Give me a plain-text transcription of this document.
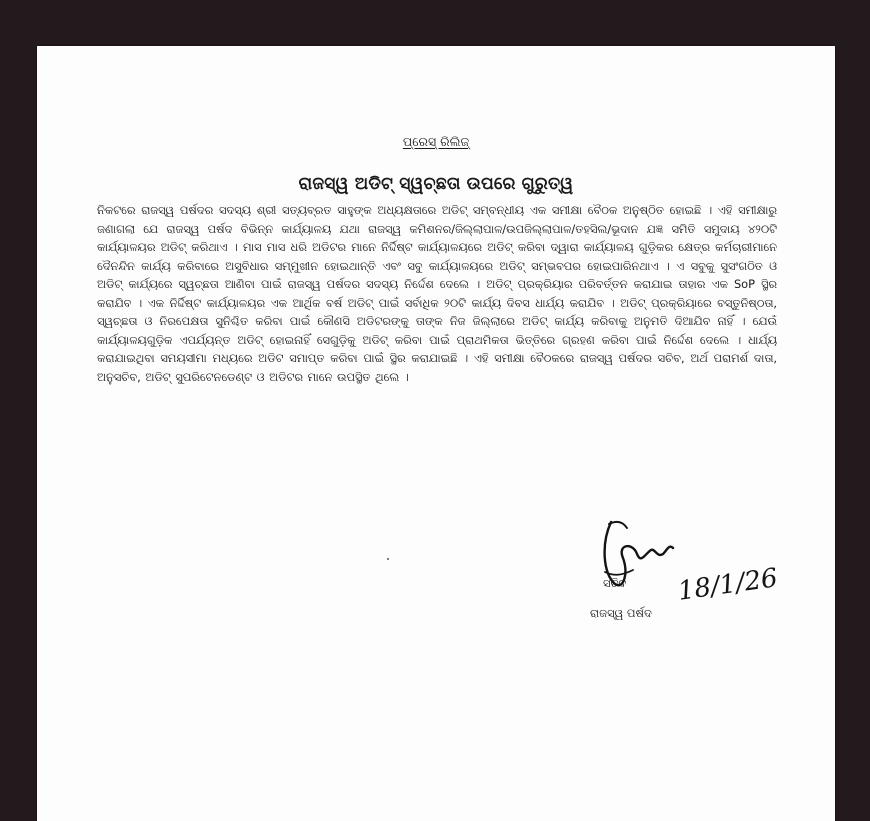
ପ୍ରେସ୍ ରିଲିଜ୍
ରାଜସ୍ୱ ଅଡିଟ୍ ସ୍ୱଚ୍ଛତା ଉପରେ ଗୁରୁତ୍ୱ

ନିକଟରେ ରାଜସ୍ୱ ପର୍ଷଦର ସଦସ୍ୟ ଶ୍ରୀ ସତ୍ୟବ୍ରତ ସାହୁଙ୍କ ଅଧ୍ୟକ୍ଷତାରେ ଅଡିଟ୍ ସମ୍ବନ୍ଧୀୟ ଏକ ସମୀକ୍ଷା ବୈଠକ ଅନୁଷ୍ଠିତ ହୋଇଛି । ଏହି ସମୀକ୍ଷାରୁ ଜଣାଗଲା ଯେ ରାଜସ୍ୱ ପର୍ଷଦ ବିଭିନ୍ନ କାର୍ଯ୍ୟାଳୟ ଯଥା ରାଜସ୍ୱ କମିଶନର/ଜିଲ୍ଲାପାଳ/ଉପଜିଲ୍ଲାପାଳ/ତହସିଲ/ଭୂଦାନ ଯଜ୍ଞ ସମିତି ସମୁଦାୟ ୪୨୦ଟି କାର୍ଯ୍ୟାଳୟର ଅଡିଟ୍ କରିଥାଏ । ମାସ ମାସ ଧରି ଅଡିଟର ମାନେ ନିର୍ଦ୍ଦିଷ୍ଟ କାର୍ଯ୍ୟାଳୟରେ ଅଡିଟ୍ କରିବା ଦ୍ୱାରା କାର୍ଯ୍ୟାଳୟ ଗୁଡ଼ିକର କ୍ଷେତ୍ର କର୍ମଚାରୀମାନେ ଦୈନନ୍ଦିନ କାର୍ଯ୍ୟ କରିବାରେ ଅସୁବିଧାର ସମ୍ମୁଖୀନ ହୋଇଥାନ୍ତି ଏବଂ ସବୁ କାର୍ଯ୍ୟାଳୟରେ ଅଡିଟ୍ ସମ୍ଭବପର ହୋଇପାରିନଥାଏ । ଏ ସବୁକୁ ସୁସଂଗଠିତ ଓ ଅଡିଟ୍ କାର୍ଯ୍ୟରେ ସ୍ୱଚ୍ଛତା ଆଣିବା ପାଇଁ ରାଜସ୍ୱ ପର୍ଷଦର ସଦସ୍ୟ ନିର୍ଦ୍ଦେଶ ଦେଲେ । ଅଡିଟ୍ ପ୍ରକ୍ରିୟାର ପରିବର୍ତ୍ତନ କରାଯାଇ ତାହାର ଏକ SoP ସ୍ଥିର କରାଯିବ । ଏକ ନିର୍ଦ୍ଦିଷ୍ଟ କାର୍ଯ୍ୟାଳୟର ଏକ ଆର୍ଥିକ ବର୍ଷ ଅଡିଟ୍ ପାଇଁ ସର୍ବାଧିକ ୨୦ଟି କାର୍ଯ୍ୟ ଦିବସ ଧାର୍ଯ୍ୟ କରାଯିବ । ଅଡିଟ୍ ପ୍ରକ୍ରିୟାରେ ବସ୍ତୁନିଷ୍ଠତା, ସ୍ୱଚ୍ଛତା ଓ ନିରପେକ୍ଷତା ସୁନିଶ୍ଚିତ କରିବା ପାଇଁ କୌଣସି ଅଡିଟରଙ୍କୁ ତାଙ୍କ ନିଜ ଜିଲ୍ଲାରେ ଅଡିଟ୍ କାର୍ଯ୍ୟ କରିବାକୁ ଅନୁମତି ଦିଆଯିବ ନାହିଁ । ଯେଉଁ କାର୍ଯ୍ୟାଳୟଗୁଡ଼ିକ ଏପର୍ଯ୍ୟନ୍ତ ଅଡିଟ୍ ହୋଇନାହିଁ ସେଗୁଡ଼ିକୁ ଅଡିଟ୍ କରିବା ପାଇଁ ପ୍ରାଥମିକତା ଭିତ୍ତିରେ ଗ୍ରହଣ କରିବା ପାଇଁ ନିର୍ଦ୍ଦେଶ ଦେଲେ । ଧାର୍ଯ୍ୟ କରାଯାଇଥିବା ସମୟସୀମା ମଧ୍ୟରେ ଅଡିଟ ସମାପ୍ତ କରିବା ପାଇଁ ସ୍ଥିର କରାଯାଇଛି । ଏହି ସମୀକ୍ଷା ବୈଠକରେ ରାଜସ୍ୱ ପର୍ଷଦର ସଚିବ, ଅର୍ଥ ପରାମର୍ଶ ଦାତା, ଅନୁସଚିବ, ଅଡିଟ୍ ସୁପରିଟେନଡେଣ୍ଟ ଓ ଅଡିଟର ମାନେ ଉପସ୍ଥିତ ଥିଲେ ।

18/1/26
ସଚିବ
ରାଜସ୍ୱ ପର୍ଷଦ
